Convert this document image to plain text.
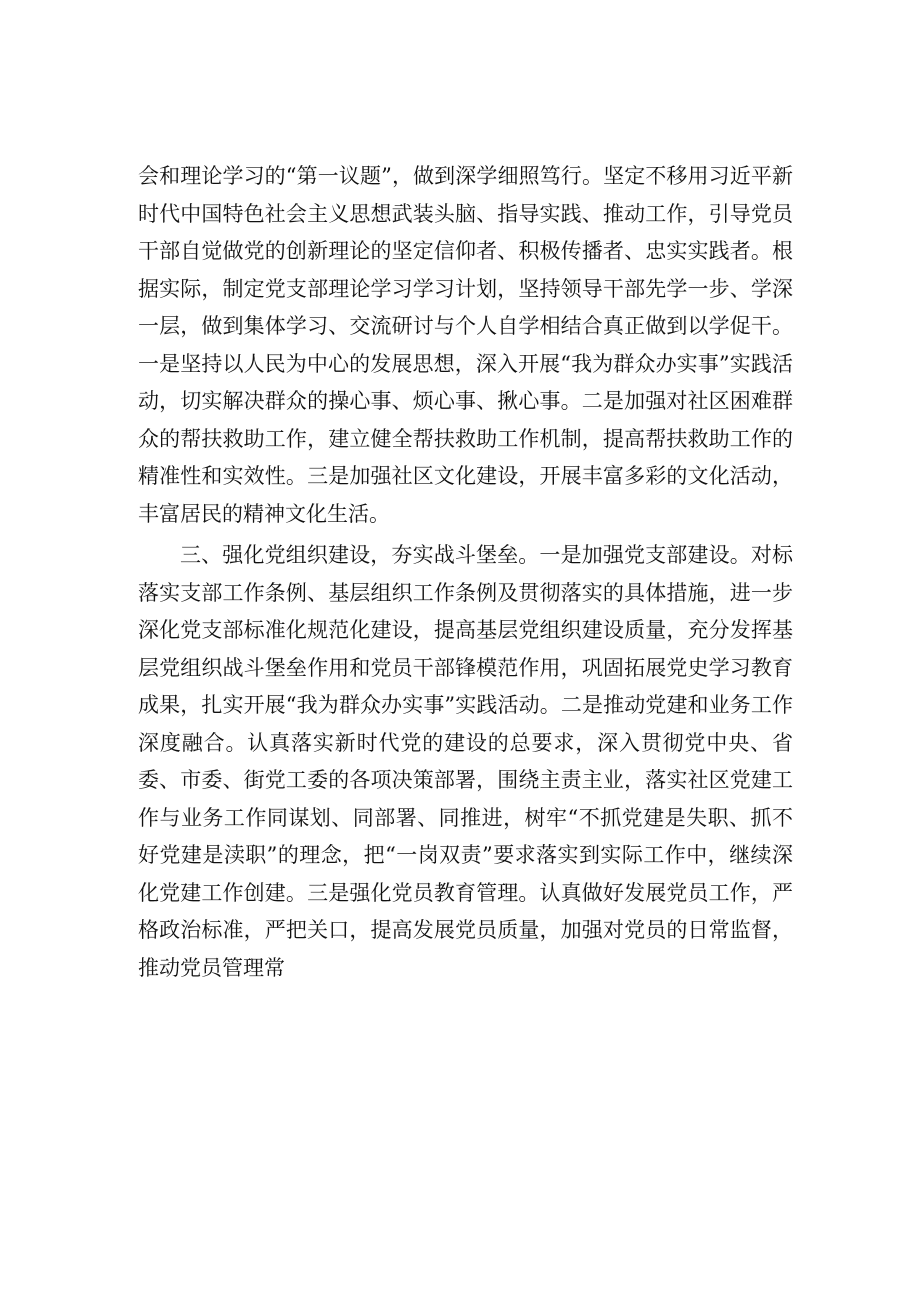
会和理论学习的“第一议题”，做到深学细照笃行。坚定不移用习近平新时代中国特色社会主义思想武装头脑、指导实践、推动工作，引导党员干部自觉做党的创新理论的坚定信仰者、积极传播者、忠实实践者。根据实际，制定党支部理论学习学习计划，坚持领导干部先学一步、学深一层，做到集体学习、交流研讨与个人自学相结合真正做到以学促干。一是坚持以人民为中心的发展思想，深入开展“我为群众办实事”实践活动，切实解决群众的操心事、烦心事、揪心事。二是加强对社区困难群众的帮扶救助工作，建立健全帮扶救助工作机制，提高帮扶救助工作的精准性和实效性。三是加强社区文化建设，开展丰富多彩的文化活动，丰富居民的精神文化生活。

三、强化党组织建设，夯实战斗堡垒。一是加强党支部建设。对标落实支部工作条例、基层组织工作条例及贯彻落实的具体措施，进一步深化党支部标准化规范化建设，提高基层党组织建设质量，充分发挥基层党组织战斗堡垒作用和党员干部锋模范作用，巩固拓展党史学习教育成果，扎实开展“我为群众办实事”实践活动。二是推动党建和业务工作深度融合。认真落实新时代党的建设的总要求，深入贯彻党中央、省委、市委、街党工委的各项决策部署，围绕主责主业，落实社区党建工作与业务工作同谋划、同部署、同推进，树牢“不抓党建是失职、抓不好党建是渎职”的理念，把“一岗双责”要求落实到实际工作中，继续深化党建工作创建。三是强化党员教育管理。认真做好发展党员工作，严格政治标准，严把关口，提高发展党员质量，加强对党员的日常监督，推动党员管理常
